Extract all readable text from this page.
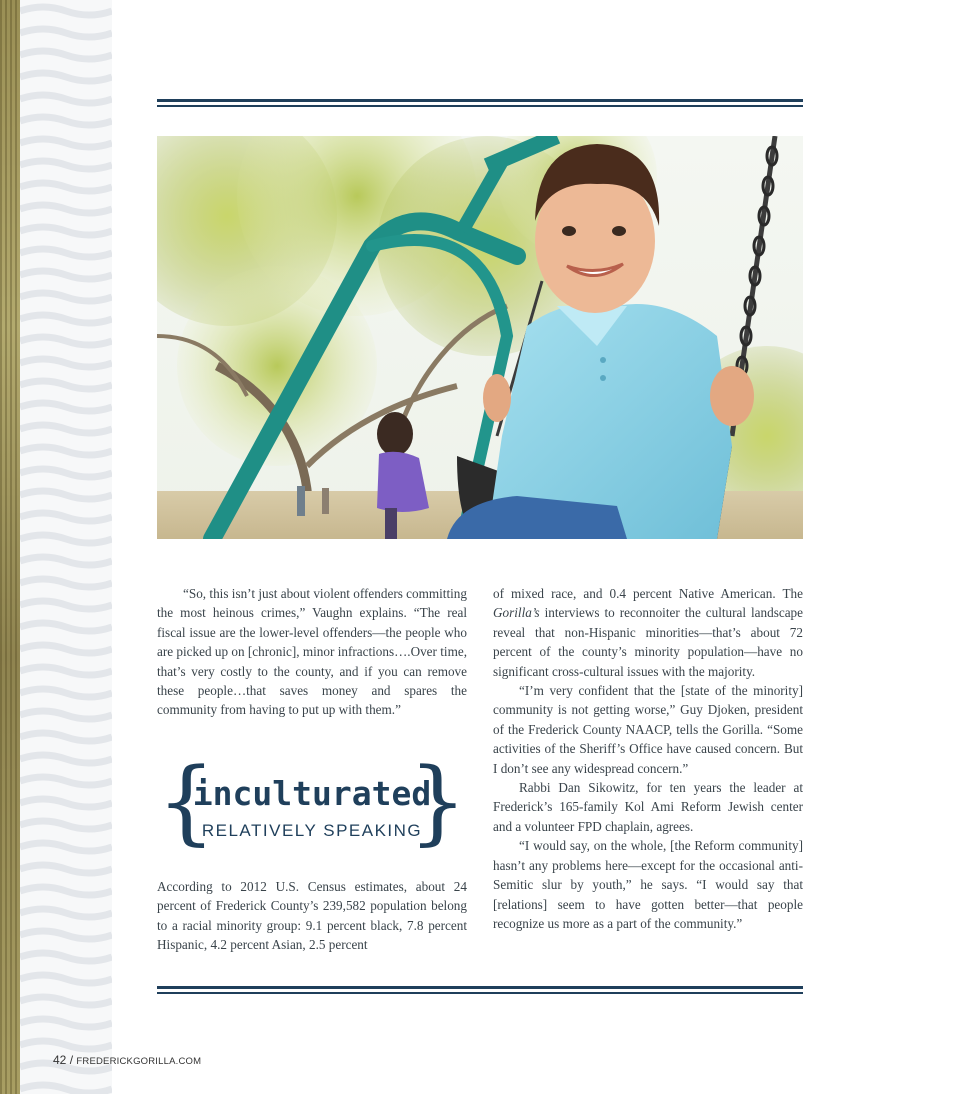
“So, this isn’t just about violent offenders committing the most heinous crimes,” Vaughn explains. “The real fiscal issue are the lower-level offenders—the people who are picked up on [chronic], minor infractions….Over time, that’s very costly to the county, and if you can remove these people…that saves money and spares the community from having to put up with them.”

{ }
inculturated
RELATIVELY SPEAKING

According to 2012 U.S. Census estimates, about 24 percent of Frederick County’s 239,582 population belong to a racial minority group: 9.1 percent black, 7.8 percent Hispanic, 4.2 percent Asian, 2.5 percent

of mixed race, and 0.4 percent Native American. The Gorilla’s interviews to reconnoiter the cultural landscape reveal that non-Hispanic minorities—that’s about 72 percent of the county’s minority population—have no significant cross-cultural issues with the majority.

“I’m very confident that the [state of the minority] community is not getting worse,” Guy Djoken, president of the Frederick County NAACP, tells the Gorilla. “Some activities of the Sheriff’s Office have caused concern. But I don’t see any widespread concern.”

Rabbi Dan Sikowitz, for ten years the leader at Frederick’s 165-family Kol Ami Reform Jewish center and a volunteer FPD chaplain, agrees.

“I would say, on the whole, [the Reform community] hasn’t any problems here—except for the occasional anti-Semitic slur by youth,” he says. “I would say that [relations] seem to have gotten better—that people recognize us more as a part of the community.”

42 / FREDERICKGORILLA.COM
